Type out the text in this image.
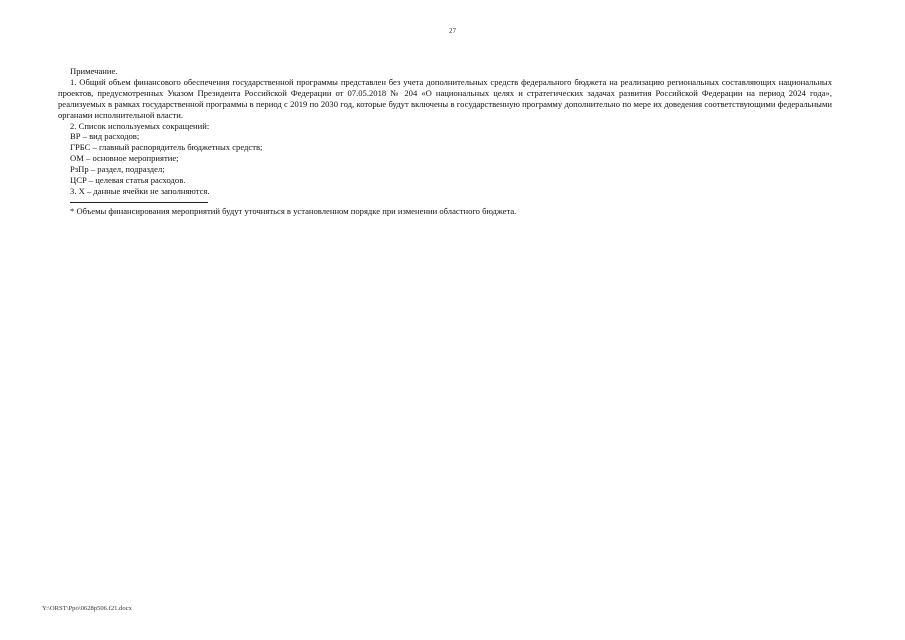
27

Примечание.

1. Общий объем финансового обеспечения государственной программы представлен без учета дополнительных средств федерального бюджета на реализацию региональных составляющих национальных проектов, предусмотренных Указом Президента Российской Федерации от 07.05.2018 № 204 «О национальных целях и стратегических задачах развития Российской Федерации на период 2024 года», реализуемых в рамках государственной программы в период с 2019 по 2030 год, которые будут включены в государственную программу дополнительно по мере их доведения соответствующими федеральными органами исполнительной власти.

2. Список используемых сокращений:

ВР – вид расходов;
ГРБС – главный распорядитель бюджетных средств;
ОМ – основное мероприятие;
РзПр – раздел, подраздел;
ЦСР – целевая статья расходов.

3. Х – данные ячейки не заполняются.

* Объемы финансирования мероприятий будут уточняться в установленном порядке при изменении областного бюджета.

Y:\ORST\Ppo\0628p506.f21.docx
